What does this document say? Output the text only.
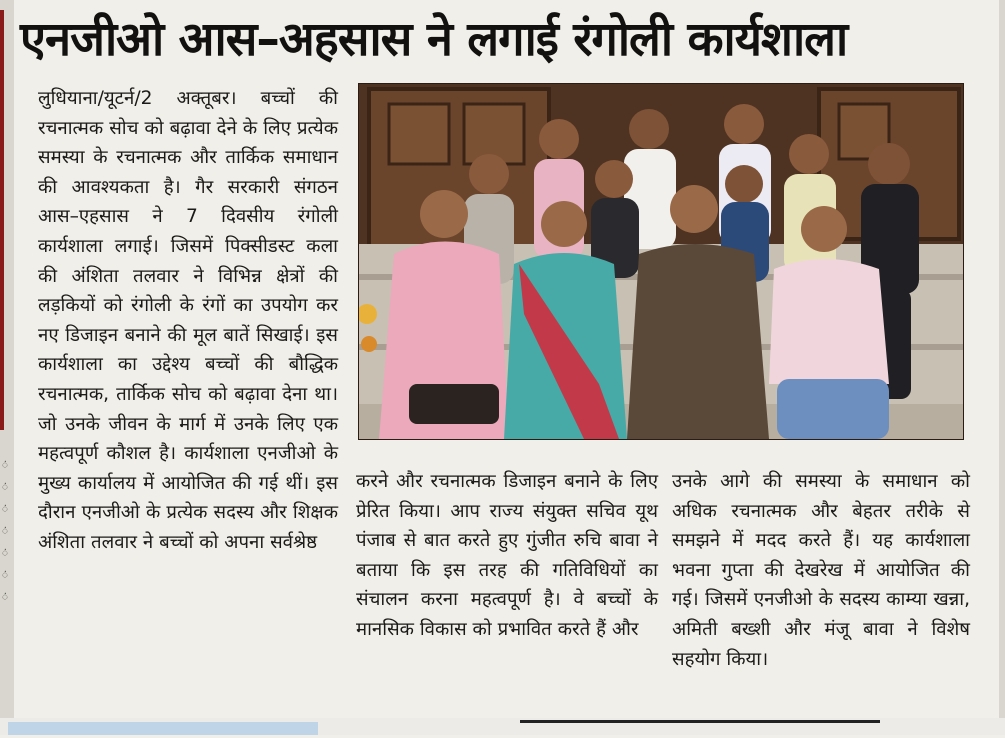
ं
ं
ं
ं
ं
ं
ं
एनजीओ आस–अहसास ने लगाई रंगोली कार्यशाला
लुधियाना/यूटर्न/2 अक्तूबर। बच्चों की रचनात्मक सोच को बढ़ावा देने के लिए प्रत्येक समस्या के रचनात्मक और तार्किक समाधान की आवश्यकता है। गैर सरकारी संगठन आस–एहसास ने 7 दिवसीय रंगोली कार्यशाला लगाई। जिसमें पिक्सीडस्ट कला की अंशिता तलवार ने विभिन्न क्षेत्रों की लड़कियों को रंगोली के रंगों का उपयोग कर नए डिजाइन बनाने की मूल बातें सिखाई। इस कार्यशाला का उद्देश्य बच्चों की बौद्धिक रचनात्मक, तार्किक सोच को बढ़ावा देना था। जो उनके जीवन के मार्ग में उनके लिए एक महत्वपूर्ण कौशल है। कार्यशाला एनजीओ के मुख्य कार्यालय में आयोजित की गई थीं। इस दौरान एनजीओ के प्रत्येक सदस्य और शिक्षक अंशिता तलवार ने बच्चों को अपना सर्वश्रेष्ठ
करने और रचनात्मक डिजाइन बनाने के लिए प्रेरित किया। आप राज्य संयुक्त सचिव यूथ पंजाब से बात करते हुए गुंजीत रुचि बावा ने बताया कि इस तरह की गतिविधियों का संचालन करना महत्वपूर्ण है। वे बच्चों के मानसिक विकास को प्रभावित करते हैं और
उनके आगे की समस्या के समाधान को अधिक रचनात्मक और बेहतर तरीके से समझने में मदद करते हैं। यह कार्यशाला भवना गुप्ता की देखरेख में आयोजित की गई। जिसमें एनजीओ के सदस्य काम्या खन्ना, अमिती बख्शी और मंजू बावा ने विशेष सहयोग किया।
